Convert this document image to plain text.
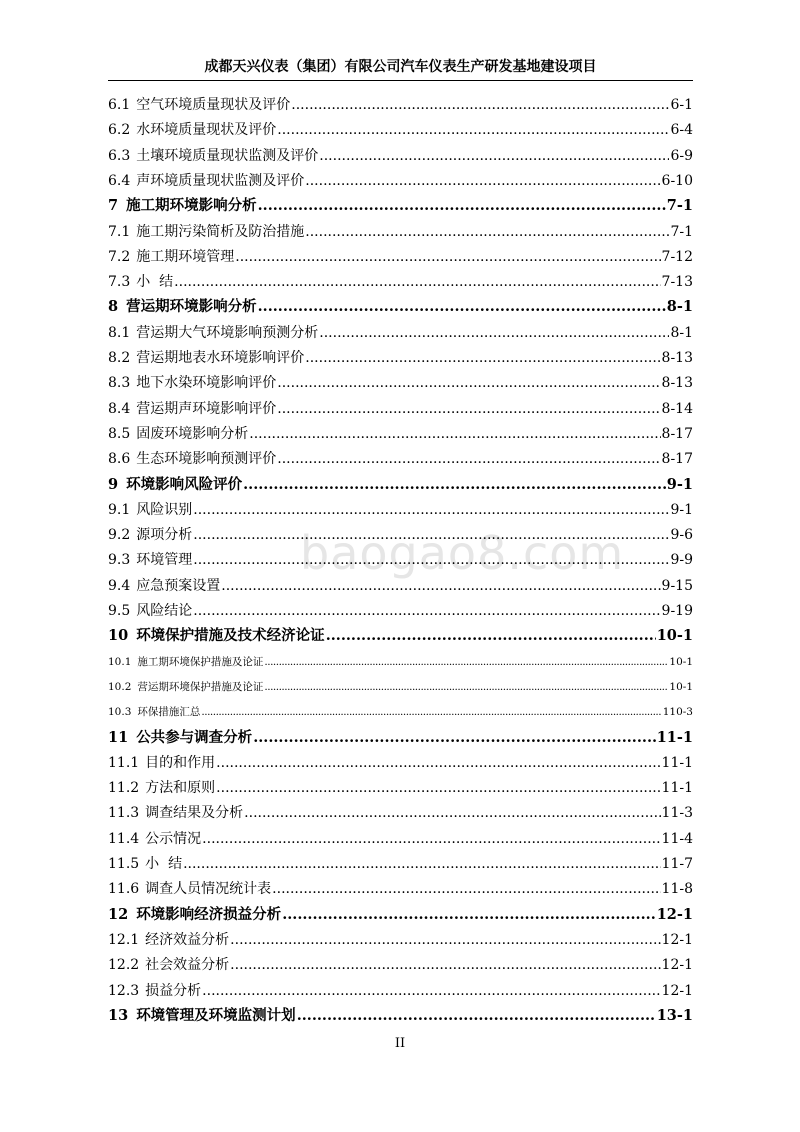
成都天兴仪表（集团）有限公司汽车仪表生产研发基地建设项目
baogao8.com
6.1 空气环境质量现状及评价 .....	6-1
6.2 水环境质量现状及评价 .....	6-4
6.3 土壤环境质量现状监测及评价 .....	6-9
6.4 声环境质量现状监测及评价 .....	6-10
7 施工期环境影响分析 .....	7-1
7.1 施工期污染简析及防治措施 .....	7-1
7.2 施工期环境管理 .....	7-12
7.3 小  结 .....	7-13
8 营运期环境影响分析 .....	8-1
8.1 营运期大气环境影响预测分析 .....	8-1
8.2 营运期地表水环境影响评价 .....	8-13
8.3 地下水染环境影响评价 .....	8-13
8.4 营运期声环境影响评价 .....	8-14
8.5 固废环境影响分析 .....	8-17
8.6 生态环境影响预测评价 .....	8-17
9 环境影响风险评价 .....	9-1
9.1 风险识别 .....	9-1
9.2 源项分析 .....	9-6
9.3 环境管理 .....	9-9
9.4 应急预案设置 .....	9-15
9.5 风险结论 .....	9-19
10 环境保护措施及技术经济论证 .....	10-1
10.1 施工期环境保护措施及论证 .....	10-1
10.2 营运期环境保护措施及论证 .....	10-1
10.3 环保措施汇总 .....	110-3
11 公共参与调查分析 .....	11-1
11.1 目的和作用 .....	11-1
11.2 方法和原则 .....	11-1
11.3 调查结果及分析 .....	11-3
11.4 公示情况 .....	11-4
11.5 小  结 .....	11-7
11.6 调查人员情况统计表 .....	11-8
12 环境影响经济损益分析 .....	12-1
12.1 经济效益分析 .....	12-1
12.2 社会效益分析 .....	12-1
12.3 损益分析 .....	12-1
13 环境管理及环境监测计划 .....	13-1
II
